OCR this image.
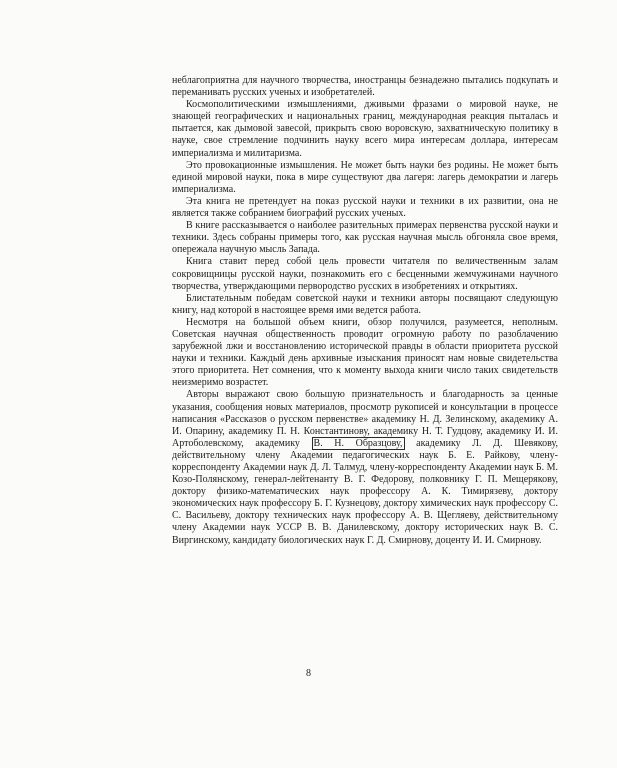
неблагоприятна для научного творчества, иностранцы безнадежно пытались подкупать и переманивать русских ученых и изобретателей.

Космополитическими измышлениями, дживыми фразами о мировой науке, не знающей географических и национальных границ, международная реакция пыталась и пытается, как дымовой завесой, прикрыть свою воровскую, захватническую политику в науке, свое стремление подчинить науку всего мира интересам доллара, интересам империализма и милитаризма.

Это провокационные измышления. Не может быть науки без родины. Не может быть единой мировой науки, пока в мире существуют два лагеря: лагерь демократии и лагерь империализма.

Эта книга не претендует на показ русской науки и техники в их развитии, она не является также собранием биографий русских ученых.

В книге рассказывается о наиболее разительных примерах первенства русской науки и техники. Здесь собраны примеры того, как русская научная мысль обгоняла свое время, опережала научную мысль Запада.

Книга ставит перед собой цель провести читателя по величественным залам сокровищницы русской науки, познакомить его с бесценными жемчужинами научного творчества, утверждающими первородство русских в изобретениях и открытиях.

Блистательным победам советской науки и техники авторы посвящают следующую книгу, над которой в настоящее время ими ведется работа.

Несмотря на большой объем книги, обзор получился, разумеется, неполным. Советская научная общественность проводит огромную работу по разоблачению зарубежной лжи и восстановлению исторической правды в области приоритета русской науки и техники. Каждый день архивные изыскания приносят нам новые свидетельства этого приоритета. Нет сомнения, что к моменту выхода книги число таких свидетельств неизмеримо возрастет.

Авторы выражают свою большую признательность и благодарность за ценные указания, сообщения новых материалов, просмотр рукописей и консультации в процессе написания «Рассказов о русском первенстве» академику Н. Д. Зелинскому, академику А. И. Опарину, академику П. Н. Константинову, академику Н. Т. Гудцову, академику И. И. Артоболевскому, академику В. Н. Образцову, академику Л. Д. Шевякову, действительному члену Академии педагогических наук Б. Е. Райкову, члену-корреспонденту Академии наук Д. Л. Талмуд, члену-корреспонденту Академии наук Б. М. Козо-Полянскому, генерал-лейтенанту В. Г. Федорову, полковнику Г. П. Мещерякову, доктору физико-математических наук профессору А. К. Тимирязеву, доктору экономических наук профессору Б. Г. Кузнецову, доктору химических наук профессору С. С. Васильеву, доктору технических наук профессору А. В. Щегляеву, действительному члену Академии наук УССР В. В. Данилевскому, доктору исторических наук В. С. Виргинскому, кандидату биологических наук Г. Д. Смирнову, доценту И. И. Смирнову.

8
